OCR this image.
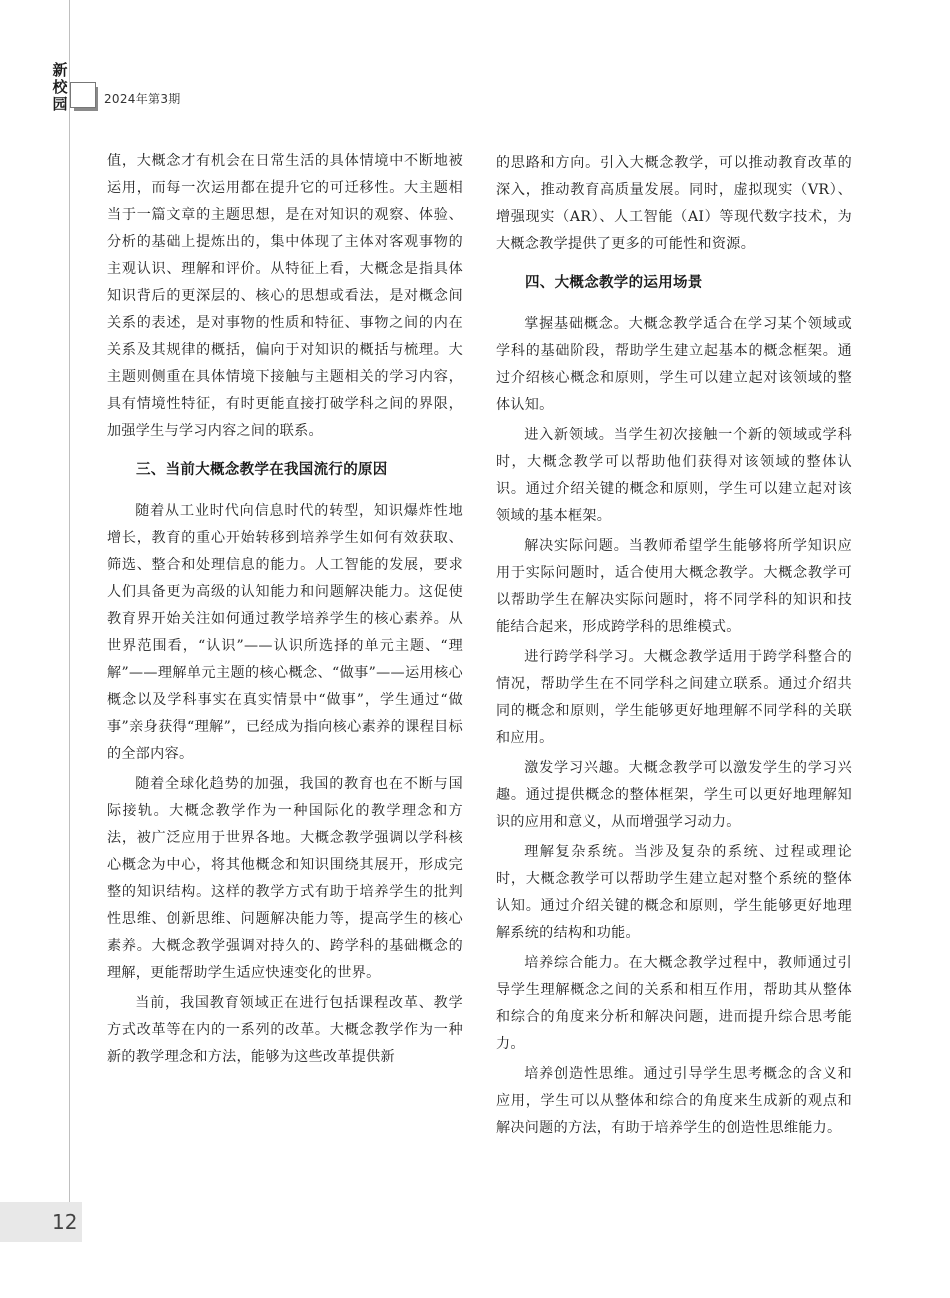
新
校
园	2024年第3期

值，大概念才有机会在日常生活的具体情境中不断地被运用，而每一次运用都在提升它的可迁移性。大主题相当于一篇文章的主题思想，是在对知识的观察、体验、分析的基础上提炼出的，集中体现了主体对客观事物的主观认识、理解和评价。从特征上看，大概念是指具体知识背后的更深层的、核心的思想或看法，是对概念间关系的表述，是对事物的性质和特征、事物之间的内在关系及其规律的概括，偏向于对知识的概括与梳理。大主题则侧重在具体情境下接触与主题相关的学习内容，具有情境性特征，有时更能直接打破学科之间的界限，加强学生与学习内容之间的联系。

三、当前大概念教学在我国流行的原因

随着从工业时代向信息时代的转型，知识爆炸性地增长，教育的重心开始转移到培养学生如何有效获取、筛选、整合和处理信息的能力。人工智能的发展，要求人们具备更为高级的认知能力和问题解决能力。这促使教育界开始关注如何通过教学培养学生的核心素养。从世界范围看，“认识”——认识所选择的单元主题、“理解”——理解单元主题的核心概念、“做事”——运用核心概念以及学科事实在真实情景中“做事”，学生通过“做事”亲身获得“理解”，已经成为指向核心素养的课程目标的全部内容。

随着全球化趋势的加强，我国的教育也在不断与国际接轨。大概念教学作为一种国际化的教学理念和方法，被广泛应用于世界各地。大概念教学强调以学科核心概念为中心，将其他概念和知识围绕其展开，形成完整的知识结构。这样的教学方式有助于培养学生的批判性思维、创新思维、问题解决能力等，提高学生的核心素养。大概念教学强调对持久的、跨学科的基础概念的理解，更能帮助学生适应快速变化的世界。

当前，我国教育领域正在进行包括课程改革、教学方式改革等在内的一系列的改革。大概念教学作为一种新的教学理念和方法，能够为这些改革提供新

的思路和方向。引入大概念教学，可以推动教育改革的深入，推动教育高质量发展。同时，虚拟现实（VR）、增强现实（AR）、人工智能（AI）等现代数字技术，为大概念教学提供了更多的可能性和资源。

四、大概念教学的运用场景

掌握基础概念。大概念教学适合在学习某个领域或学科的基础阶段，帮助学生建立起基本的概念框架。通过介绍核心概念和原则，学生可以建立起对该领域的整体认知。

进入新领域。当学生初次接触一个新的领域或学科时，大概念教学可以帮助他们获得对该领域的整体认识。通过介绍关键的概念和原则，学生可以建立起对该领域的基本框架。

解决实际问题。当教师希望学生能够将所学知识应用于实际问题时，适合使用大概念教学。大概念教学可以帮助学生在解决实际问题时，将不同学科的知识和技能结合起来，形成跨学科的思维模式。

进行跨学科学习。大概念教学适用于跨学科整合的情况，帮助学生在不同学科之间建立联系。通过介绍共同的概念和原则，学生能够更好地理解不同学科的关联和应用。

激发学习兴趣。大概念教学可以激发学生的学习兴趣。通过提供概念的整体框架，学生可以更好地理解知识的应用和意义，从而增强学习动力。

理解复杂系统。当涉及复杂的系统、过程或理论时，大概念教学可以帮助学生建立起对整个系统的整体认知。通过介绍关键的概念和原则，学生能够更好地理解系统的结构和功能。

培养综合能力。在大概念教学过程中，教师通过引导学生理解概念之间的关系和相互作用，帮助其从整体和综合的角度来分析和解决问题，进而提升综合思考能力。

培养创造性思维。通过引导学生思考概念的含义和应用，学生可以从整体和综合的角度来生成新的观点和解决问题的方法，有助于培养学生的创造性思维能力。

12
